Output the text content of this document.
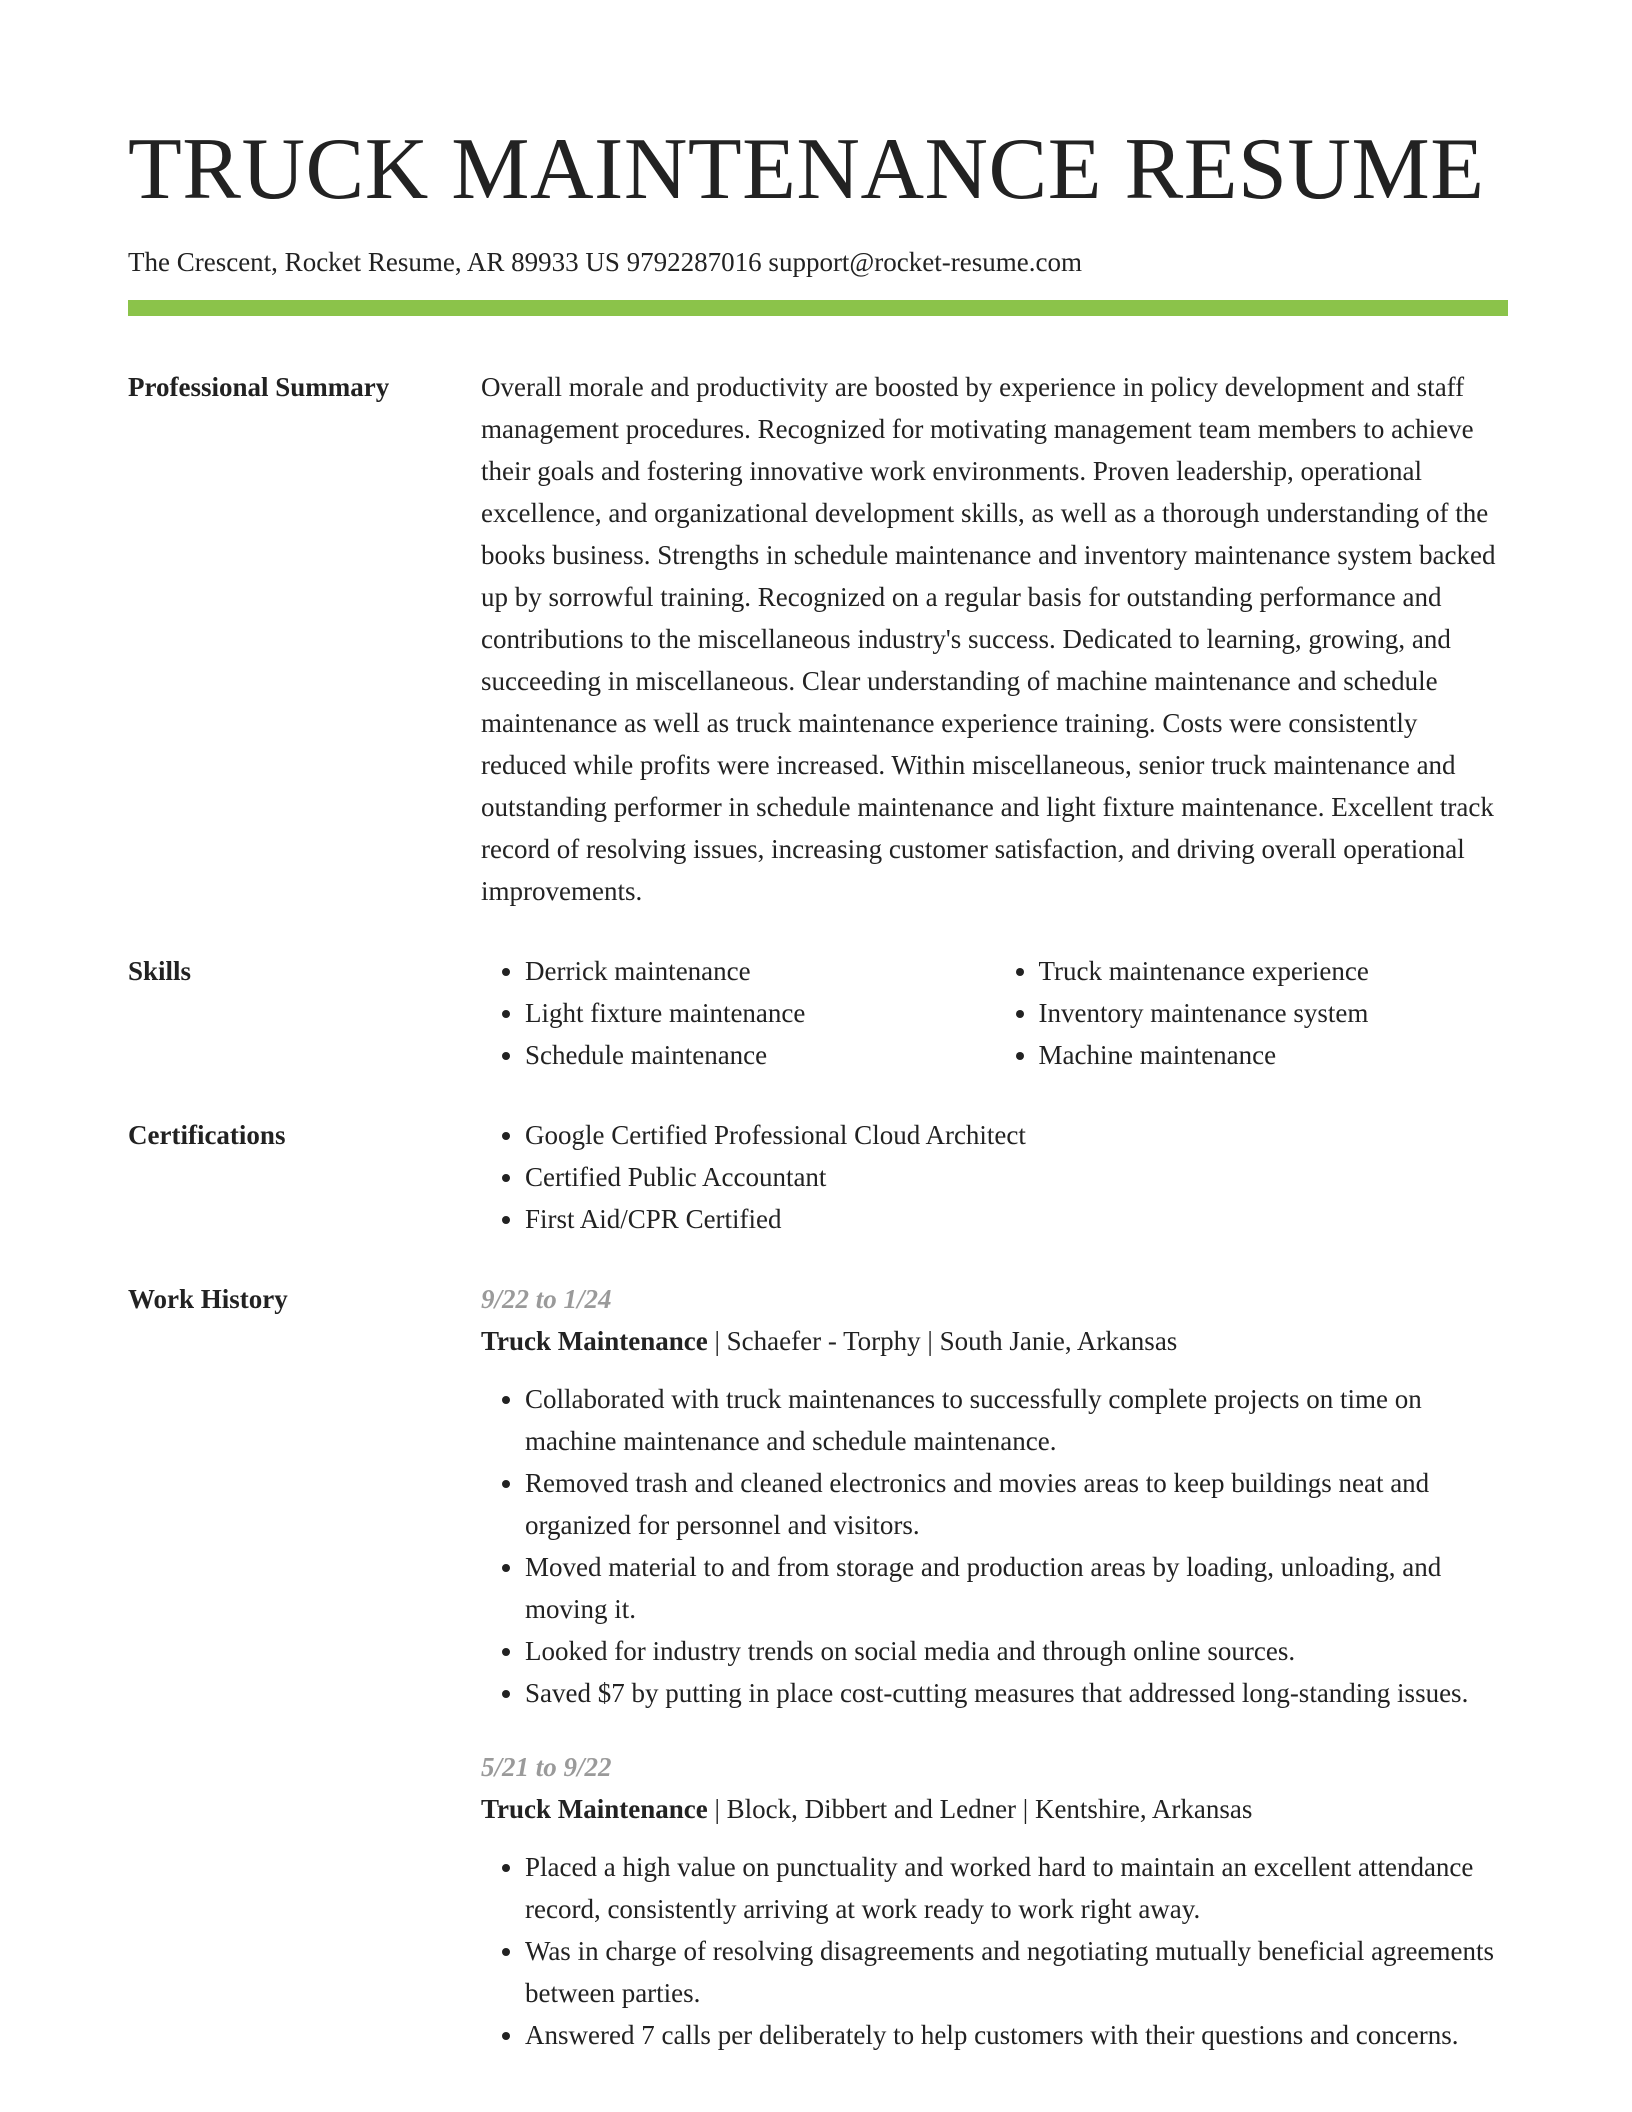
TRUCK MAINTENANCE RESUME
The Crescent, Rocket Resume, AR 89933 US 9792287016 support@rocket-resume.com
Professional Summary	Overall morale and productivity are boosted by experience in policy development and staff management procedures. Recognized for motivating management team members to achieve their goals and fostering innovative work environments. Proven leadership, operational excellence, and organizational development skills, as well as a thorough understanding of the books business. Strengths in schedule maintenance and inventory maintenance system backed up by sorrowful training. Recognized on a regular basis for outstanding performance and contributions to the miscellaneous industry's success. Dedicated to learning, growing, and succeeding in miscellaneous. Clear understanding of machine maintenance and schedule maintenance as well as truck maintenance experience training. Costs were consistently reduced while profits were increased. Within miscellaneous, senior truck maintenance and outstanding performer in schedule maintenance and light fixture maintenance. Excellent track record of resolving issues, increasing customer satisfaction, and driving overall operational improvements.

Skills	• Derrick maintenance
• Light fixture maintenance
• Schedule maintenance
• Truck maintenance experience
• Inventory maintenance system
• Machine maintenance
Certifications	• Google Certified Professional Cloud Architect
• Certified Public Accountant
• First Aid/CPR Certified
Work History	9/22 to 1/24
Truck Maintenance | Schaefer - Torphy | South Janie, Arkansas
• Collaborated with truck maintenances to successfully complete projects on time on machine maintenance and schedule maintenance.
• Removed trash and cleaned electronics and movies areas to keep buildings neat and organized for personnel and visitors.
• Moved material to and from storage and production areas by loading, unloading, and moving it.
• Looked for industry trends on social media and through online sources.
• Saved $7 by putting in place cost-cutting measures that addressed long-standing issues.
5/21 to 9/22
Truck Maintenance | Block, Dibbert and Ledner | Kentshire, Arkansas
• Placed a high value on punctuality and worked hard to maintain an excellent attendance record, consistently arriving at work ready to work right away.
• Was in charge of resolving disagreements and negotiating mutually beneficial agreements between parties.
• Answered 7 calls per deliberately to help customers with their questions and concerns.
